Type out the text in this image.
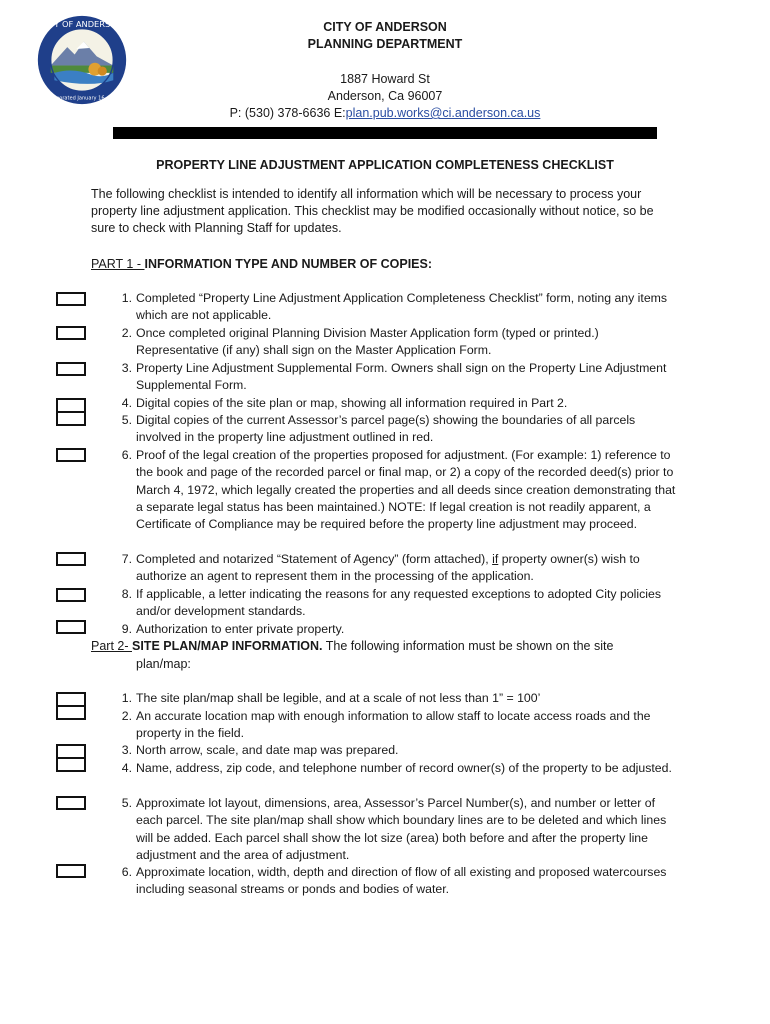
CITY OF ANDERSON
Incorporated January 16, 1956
CITY OF ANDERSON
PLANNING DEPARTMENT
1887 Howard St
Anderson, Ca 96007
P: (530) 378-6636 E:plan.pub.works@ci.anderson.ca.us
PROPERTY LINE ADJUSTMENT APPLICATION COMPLETENESS CHECKLIST
The following checklist is intended to identify all information which will be necessary to process your property line adjustment application. This checklist may be modified occasionally without notice, so be sure to check with Planning Staff for updates.
PART 1 - INFORMATION TYPE AND NUMBER OF COPIES:
1. Completed “Property Line Adjustment Application Completeness Checklist” form, noting any items which are not applicable.
2. Once completed original Planning Division Master Application form (typed or printed.) Representative (if any) shall sign on the Master Application Form.
3. Property Line Adjustment Supplemental Form. Owners shall sign on the Property Line Adjustment Supplemental Form.
4. Digital copies of the site plan or map, showing all information required in Part 2.
5. Digital copies of the current Assessor’s parcel page(s) showing the boundaries of all parcels involved in the property line adjustment outlined in red.
6. Proof of the legal creation of the properties proposed for adjustment. (For example: 1) reference to the book and page of the recorded parcel or final map, or 2) a copy of the recorded deed(s) prior to March 4, 1972, which legally created the properties and all deeds since creation demonstrating that a separate legal status has been maintained.) NOTE: If legal creation is not readily apparent, a Certificate of Compliance may be required before the property line adjustment may proceed.
7. Completed and notarized “Statement of Agency” (form attached), if property owner(s) wish to authorize an agent to represent them in the processing of the application.
8. If applicable, a letter indicating the reasons for any requested exceptions to adopted City policies and/or development standards.
9. Authorization to enter private property.
Part 2- SITE PLAN/MAP INFORMATION. The following information must be shown on the site
plan/map:
1. The site plan/map shall be legible, and at a scale of not less than 1” = 100’
2. An accurate location map with enough information to allow staff to locate access roads and the property in the field.
3. North arrow, scale, and date map was prepared.
4. Name, address, zip code, and telephone number of record owner(s) of the property to be adjusted.
5. Approximate lot layout, dimensions, area, Assessor’s Parcel Number(s), and number or letter of each parcel. The site plan/map shall show which boundary lines are to be deleted and which lines will be added. Each parcel shall show the lot size (area) both before and after the property line adjustment and the area of adjustment.
6. Approximate location, width, depth and direction of flow of all existing and proposed watercourses including seasonal streams or ponds and bodies of water.
